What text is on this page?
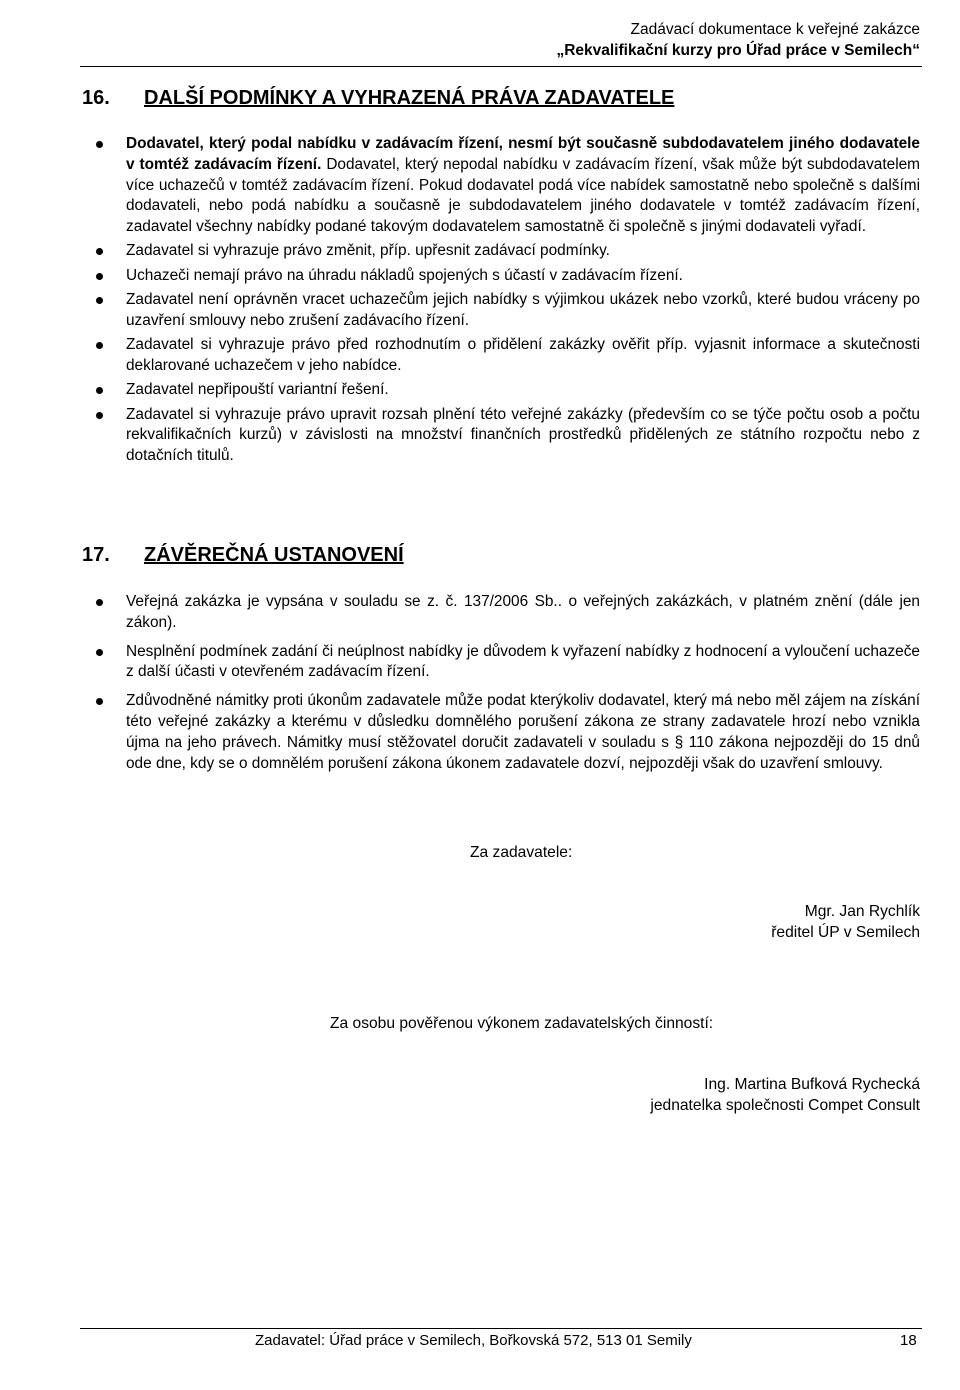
Zadávací dokumentace k veřejné zakázce
„Rekvalifikační kurzy pro Úřad práce v Semilech“
16. DALŠÍ PODMÍNKY A VYHRAZENÁ PRÁVA ZADAVATELE
Dodavatel, který podal nabídku v zadávacím řízení, nesmí být současně subdodavatelem jiného dodavatele v tomtéž zadávacím řízení. Dodavatel, který nepodal nabídku v zadávacím řízení, však může být subdodavatelem více uchazečů v tomtéž zadávacím řízení. Pokud dodavatel podá více nabídek samostatně nebo společně s dalšími dodavateli, nebo podá nabídku a současně je subdodavatelem jiného dodavatele v tomtéž zadávacím řízení, zadavatel všechny nabídky podané takovým dodavatelem samostatně či společně s jinými dodavateli vyřadí.
Zadavatel si vyhrazuje právo změnit, příp. upřesnit zadávací podmínky.
Uchazeči nemají právo na úhradu nákladů spojených s účastí v zadávacím řízení.
Zadavatel není oprávněn vracet uchazečům jejich nabídky s výjimkou ukázek nebo vzorků, které budou vráceny po uzavření smlouvy nebo zrušení zadávacího řízení.
Zadavatel si vyhrazuje právo před rozhodnutím o přidělení zakázky ověřit příp. vyjasnit informace a skutečnosti deklarované uchazečem v jeho nabídce.
Zadavatel nepřipouští variantní řešení.
Zadavatel si vyhrazuje právo upravit rozsah plnění této veřejné zakázky (především co se týče počtu osob a počtu rekvalifikačních kurzů) v závislosti na množství finančních prostředků přidělených ze státního rozpočtu nebo z dotačních titulů.
17. ZÁVĚREČNÁ USTANOVENÍ
Veřejná zakázka je vypsána v souladu se z. č. 137/2006 Sb.. o veřejných zakázkách, v platném znění (dále jen zákon).
Nesplnění podmínek zadání či neúplnost nabídky je důvodem k vyřazení nabídky z hodnocení a vyloučení uchazeče z další účasti v otevřeném zadávacím řízení.
Zdůvodněné námitky proti úkonům zadavatele může podat kterýkoliv dodavatel, který má nebo měl zájem na získání této veřejné zakázky a kterému v důsledku domnělého porušení zákona ze strany zadavatele hrozí nebo vznikla újma na jeho právech. Námitky musí stěžovatel doručit zadavateli v souladu s § 110 zákona nejpozději do 15 dnů ode dne, kdy se o domnělém porušení zákona úkonem zadavatele dozví, nejpozději však do uzavření smlouvy.
Za zadavatele:
Mgr. Jan Rychlík
ředitel ÚP v Semilech
Za osobu pověřenou výkonem zadavatelských činností:
Ing. Martina Bufková Rychecká
jednatelka společnosti Compet Consult
Zadavatel: Úřad práce v Semilech, Bořkovská 572, 513 01 Semily	18
